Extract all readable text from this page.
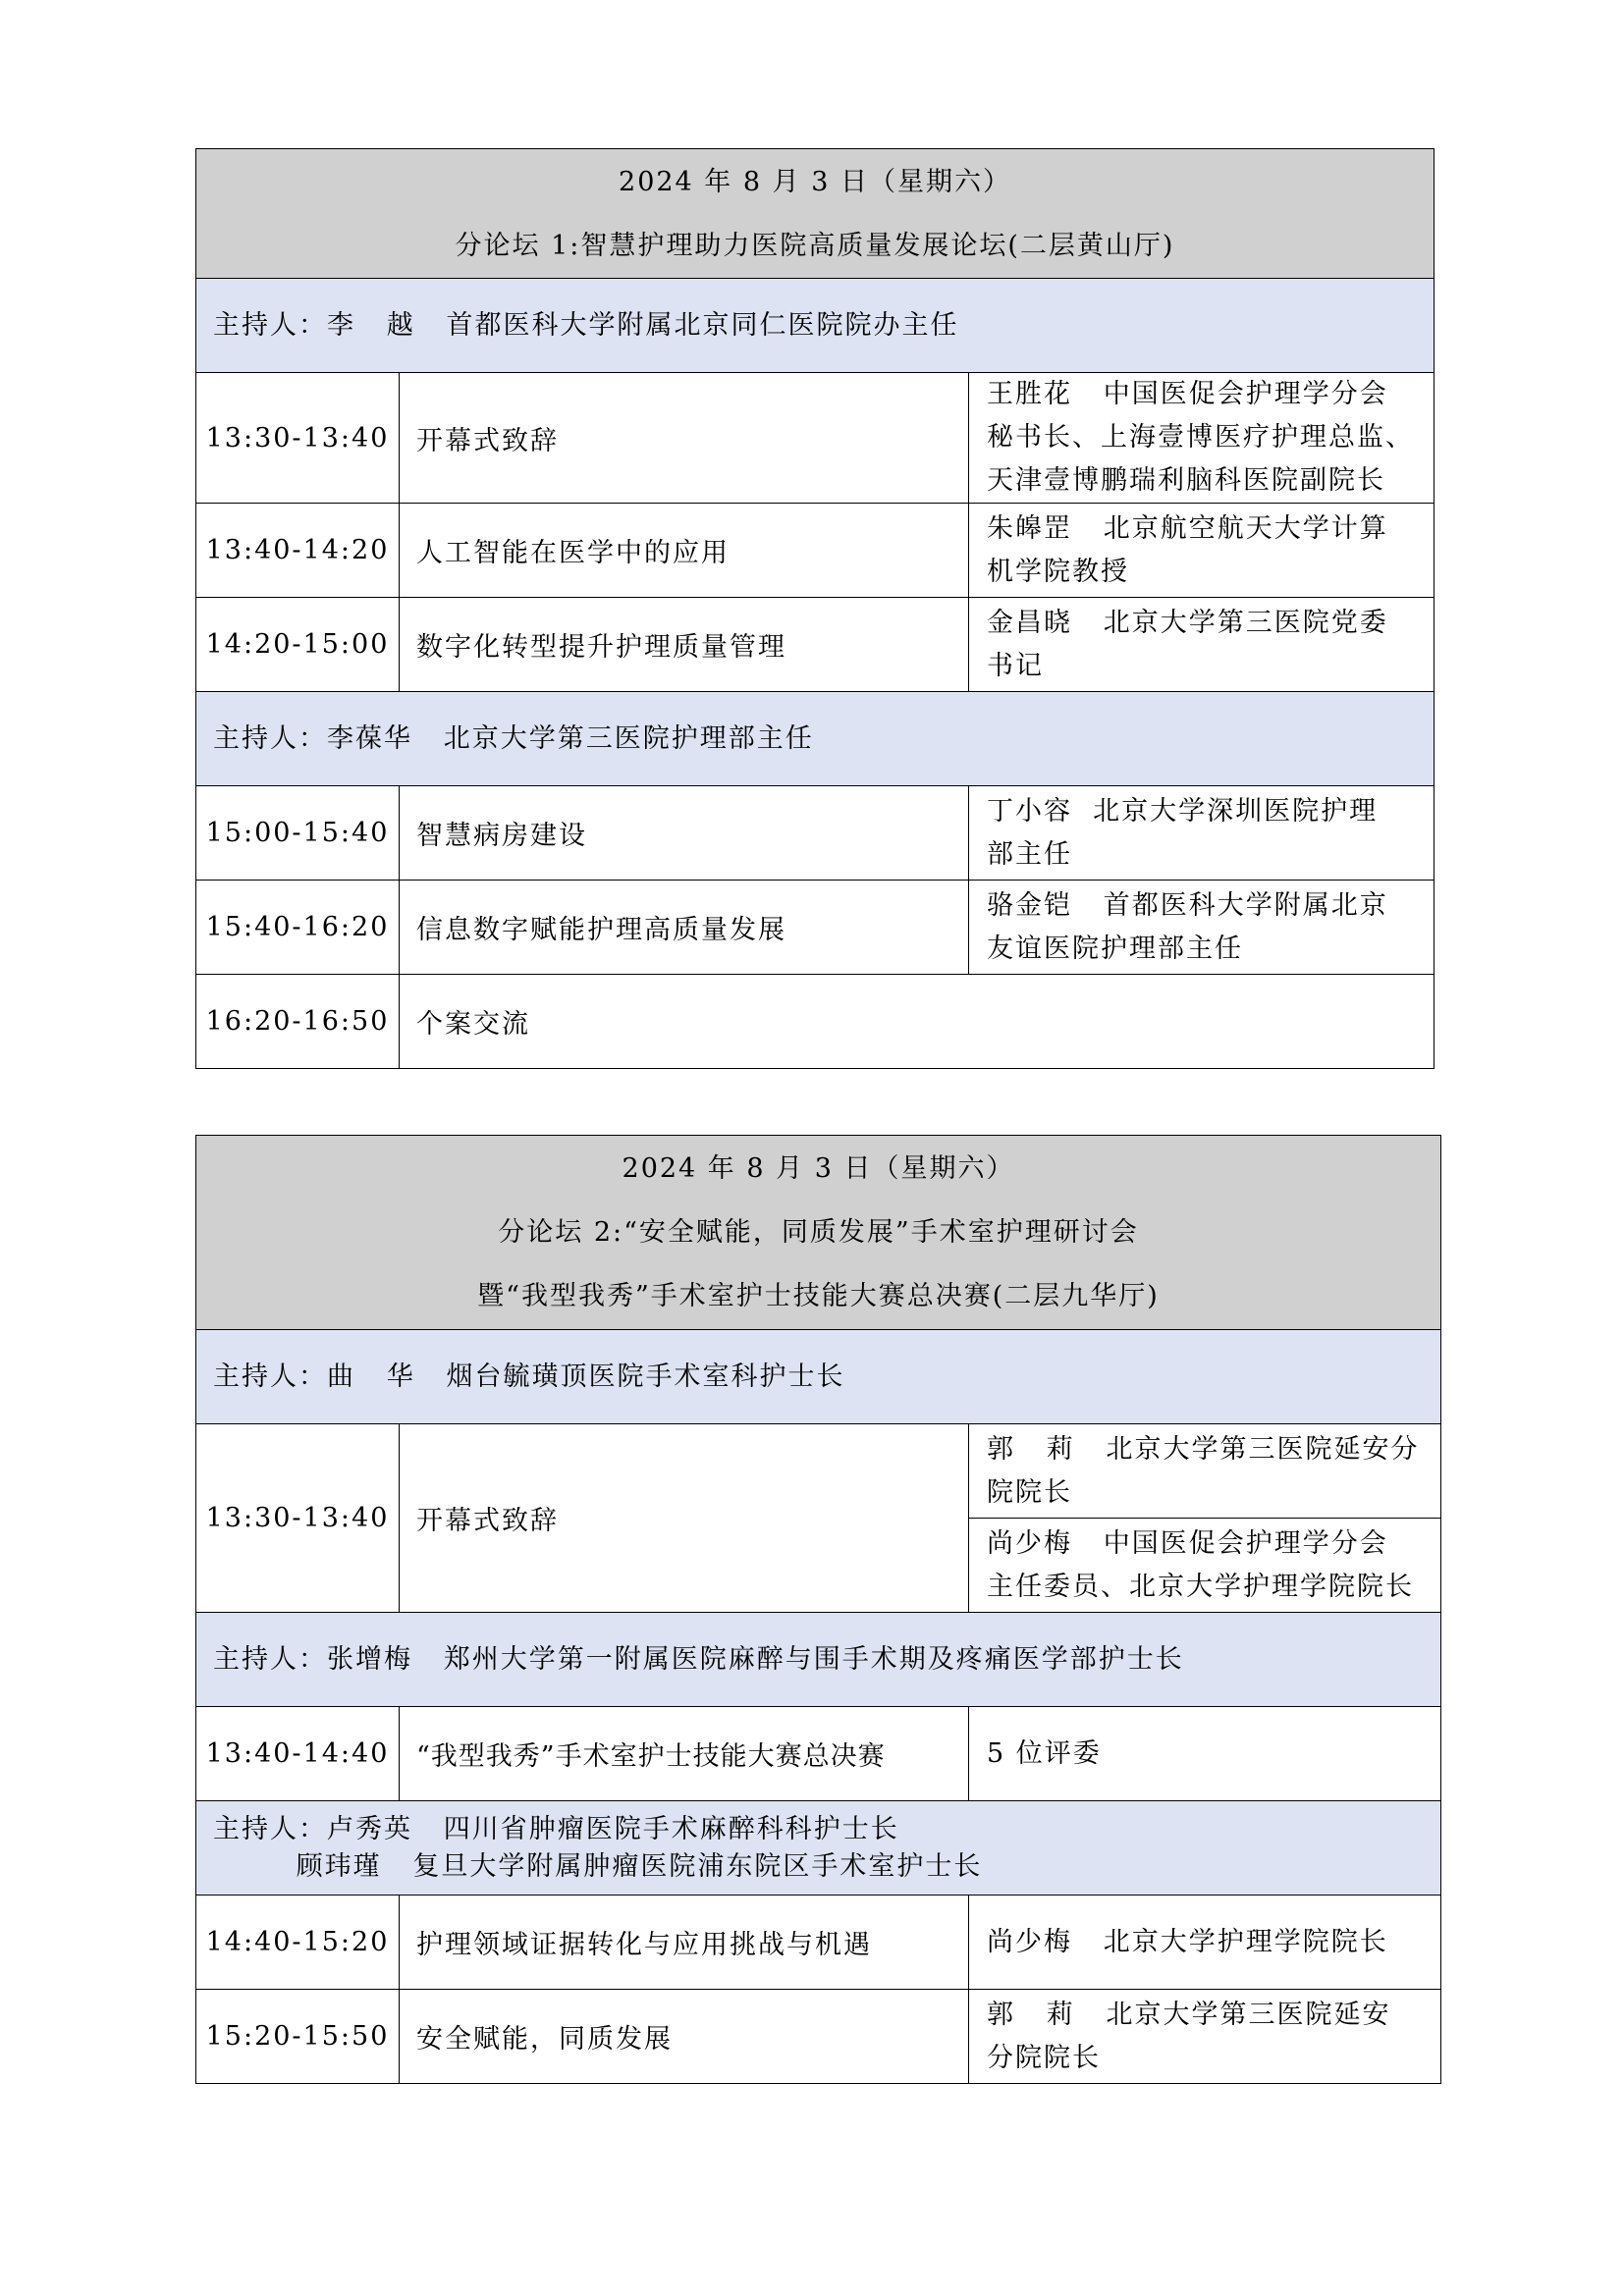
2024 年 8 月 3 日（星期六）
分论坛 1:智慧护理助力医院高质量发展论坛(二层黄山厅)		

主持人：李   越   首都医科大学附属北京同仁医院院办主任		

13:30-13:40	开幕式致辞	王胜花   中国医促会护理学分会
秘书长、上海壹博医疗护理总监、
天津壹博鹏瑞利脑科医院副院长

13:40-14:20	人工智能在医学中的应用	朱皞罡   北京航空航天大学计算
机学院教授

14:20-15:00	数字化转型提升护理质量管理	金昌晓   北京大学第三医院党委
书记

主持人：李葆华   北京大学第三医院护理部主任		

15:00-15:40	智慧病房建设	丁小容  北京大学深圳医院护理
部主任

15:40-16:20	信息数字赋能护理高质量发展	骆金铠   首都医科大学附属北京
友谊医院护理部主任

16:20-16:50	个案交流	
2024 年 8 月 3 日（星期六）
分论坛 2:“安全赋能，同质发展”手术室护理研讨会
暨“我型我秀”手术室护士技能大赛总决赛(二层九华厅)		

主持人：曲   华   烟台毓璜顶医院手术室科护士长		

13:30-13:40	开幕式致辞	郭   莉   北京大学第三医院延安分
院院长

		尚少梅   中国医促会护理学分会
主任委员、北京大学护理学院院长

主持人：张增梅   郑州大学第一附属医院麻醉与围手术期及疼痛医学部护士长		

13:40-14:40	“我型我秀”手术室护士技能大赛总决赛	5 位评委

主持人：卢秀英   四川省肿瘤医院手术麻醉科科护士长
顾玮瑾   复旦大学附属肿瘤医院浦东院区手术室护士长		

14:40-15:20	护理领域证据转化与应用挑战与机遇	尚少梅   北京大学护理学院院长

15:20-15:50	安全赋能，同质发展	郭   莉   北京大学第三医院延安
分院院长
